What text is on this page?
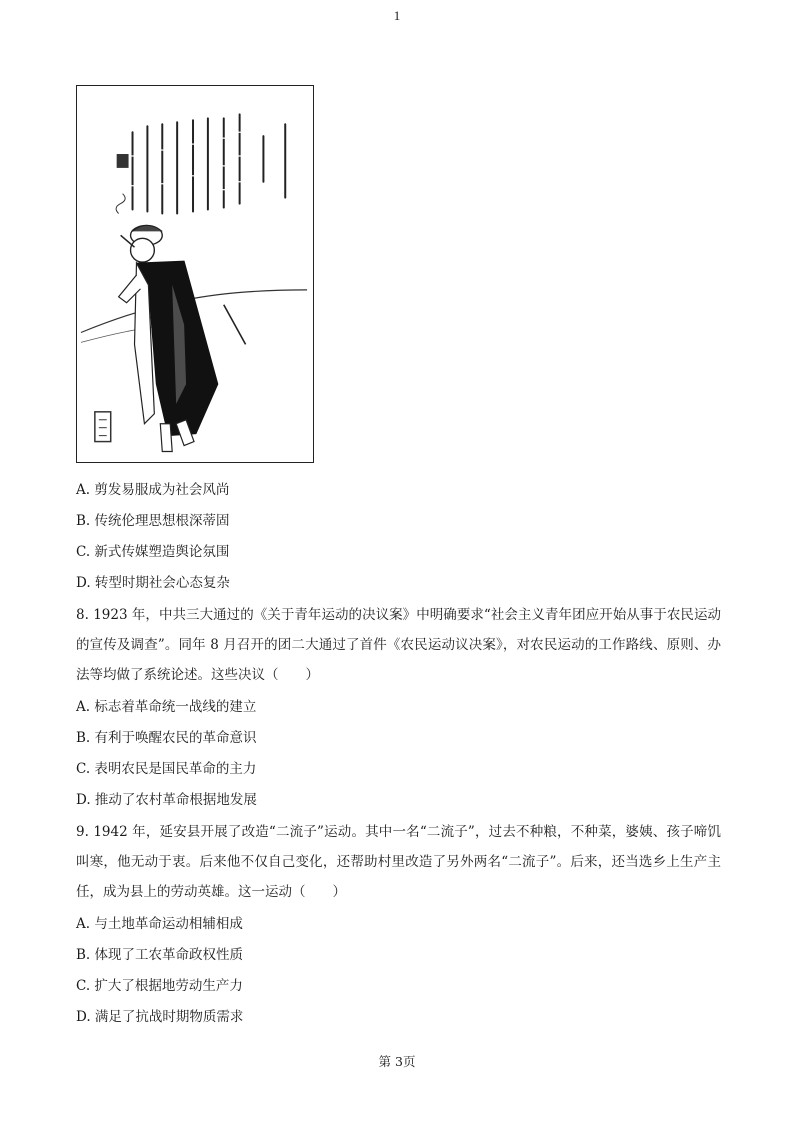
1
A. 剪发易服成为社会风尚
B. 传统伦理思想根深蒂固
C. 新式传媒塑造舆论氛围
D. 转型时期社会心态复杂
8. 1923 年，中共三大通过的《关于青年运动的决议案》中明确要求“社会主义青年团应开始从事于农民运动的宣传及调查”。同年 8 月召开的团二大通过了首件《农民运动议决案》，对农民运动的工作路线、原则、办法等均做了系统论述。这些决议（　　）
A. 标志着革命统一战线的建立
B. 有利于唤醒农民的革命意识
C. 表明农民是国民革命的主力
D. 推动了农村革命根据地发展
9. 1942 年，延安县开展了改造“二流子”运动。其中一名“二流子”，过去不种粮，不种菜，婆姨、孩子啼饥叫寒，他无动于衷。后来他不仅自己变化，还帮助村里改造了另外两名“二流子”。后来，还当选乡上生产主任，成为县上的劳动英雄。这一运动（　　）
A. 与土地革命运动相辅相成
B. 体现了工农革命政权性质
C. 扩大了根据地劳动生产力
D. 满足了抗战时期物质需求
第 3页
